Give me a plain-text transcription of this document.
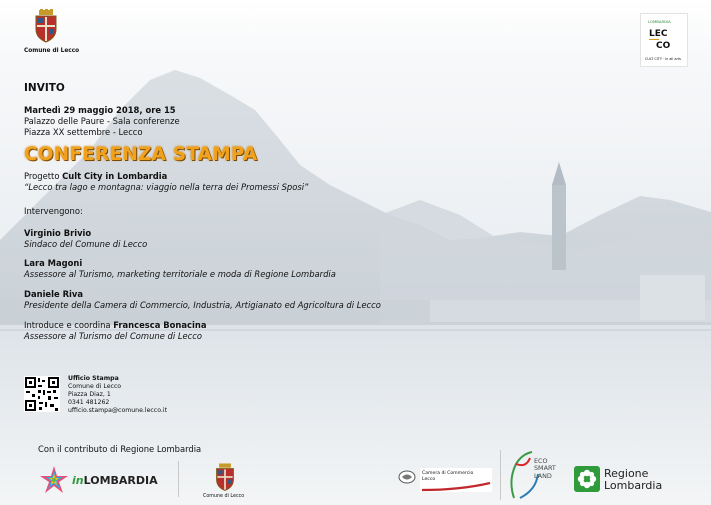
Comune di Lecco
LOMBARDIA
LEC
CO
CULT CITY · in all arts
INVITO
Martedì 29 maggio 2018, ore 15
Palazzo delle Paure - Sala conferenze
Piazza XX settembre - Lecco
CONFERENZA STAMPA
Progetto Cult City in Lombardia
“Lecco tra lago e montagna: viaggio nella terra dei Promessi Sposi”
Intervengono:
Virginio Brivio
Sindaco del Comune di Lecco
Lara Magoni
Assessore al Turismo, marketing territoriale e moda di Regione Lombardia
Daniele Riva
Presidente della Camera di Commercio, Industria, Artigianato ed Agricoltura di Lecco
Introduce e coordina Francesca Bonacina
Assessore al Turismo del Comune di Lecco
Ufficio Stampa
Comune di Lecco
Piazza Diaz, 1
0341 481262
ufficio.stampa@comune.lecco.it
Con il contributo di Regione Lombardia
inLOMBARDIA
Comune di Lecco
Camera di Commercio
Lecco
ECO
SMART
LAND	Regione
Lombardia
